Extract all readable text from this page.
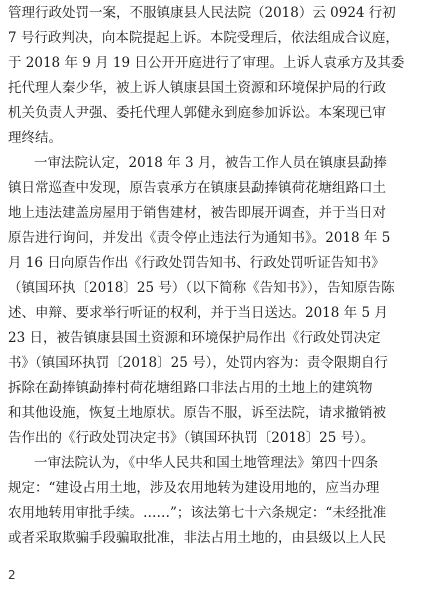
管理行政处罚一案，不服镇康县人民法院（2018）云 0924 行初
7 号行政判决，向本院提起上诉。本院受理后，依法组成合议庭，
于 2018 年 9 月 19 日公开开庭进行了审理。上诉人袁承方及其委
托代理人秦少华，被上诉人镇康县国土资源和环境保护局的行政
机关负责人尹强、委托代理人郭健永到庭参加诉讼。本案现已审
理终结。
一审法院认定，2018 年 3 月，被告工作人员在镇康县勐捧
镇日常巡查中发现，原告袁承方在镇康县勐捧镇荷花塘组路口土
地上违法建盖房屋用于销售建材，被告即展开调查，并于当日对
原告进行询问，并发出《责令停止违法行为通知书》。2018 年 5
月 16 日向原告作出《行政处罚告知书、行政处罚听证告知书》
（镇国环执〔2018〕25 号）（以下简称《告知书》），告知原告陈
述、申辩、要求举行听证的权利，并于当日送达。2018 年 5 月
23 日，被告镇康县国土资源和环境保护局作出《行政处罚决定
书》（镇国环执罚〔2018〕25 号），处罚内容为：责令限期自行
拆除在勐捧镇勐捧村荷花塘组路口非法占用的土地上的建筑物
和其他设施，恢复土地原状。原告不服，诉至法院，请求撤销被
告作出的《行政处罚决定书》（镇国环执罚〔2018〕25 号）。
一审法院认为，《中华人民共和国土地管理法》第四十四条
规定：“建设占用土地，涉及农用地转为建设用地的，应当办理
农用地转用审批手续。……”；该法第七十六条规定：“未经批准
或者采取欺骗手段骗取批准，非法占用土地的，由县级以上人民
2
